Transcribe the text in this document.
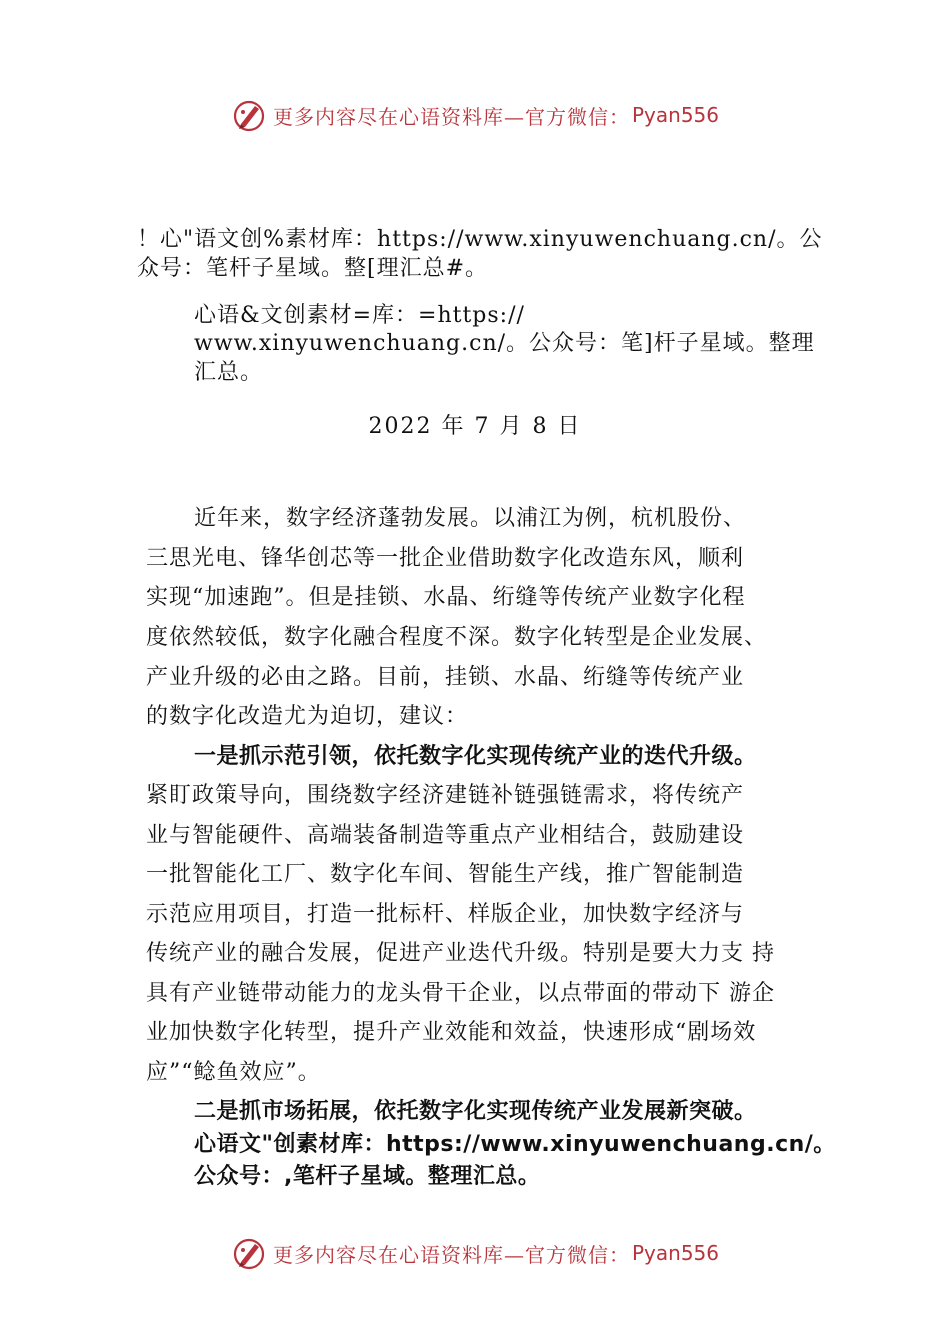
更多内容尽在心语资料库—官方微信： Pyan556
！心"语文创%素材库：https://www.xinyuwenchuang.cn/。公
众号：笔杆子星域。整[理汇总#。
心语&文创素材=库：=https://
www.xinyuwenchuang.cn/。公众号：笔]杆子星域。整理
汇总。
2022 年 7 月 8 日
近年来，数字经济蓬勃发展。以浦江为例，杭机股份、
三思光电、锋华创芯等一批企业借助数字化改造东风，顺利
实现“加速跑”。但是挂锁、水晶、绗缝等传统产业数字化程
度依然较低，数字化融合程度不深。数字化转型是企业发展、
产业升级的必由之路。目前，挂锁、水晶、绗缝等传统产业
的数字化改造尤为迫切，建议：
一是抓示范引领，依托数字化实现传统产业的迭代升级。
紧盯政策导向，围绕数字经济建链补链强链需求，将传统产
业与智能硬件、高端装备制造等重点产业相结合，鼓励建设
一批智能化工厂、数字化车间、智能生产线，推广智能制造
示范应用项目，打造一批标杆、样版企业，加快数字经济与
传统产业的融合发展，促进产业迭代升级。特别是要大力支 持
具有产业链带动能力的龙头骨干企业，以点带面的带动下 游企
业加快数字化转型，提升产业效能和效益，快速形成“剧场效
应”“鲶鱼效应”。
二是抓市场拓展，依托数字化实现传统产业发展新突破。
心语文"创素材库：https://www.xinyuwenchuang.cn/。
公众号：,笔杆子星域。整理汇总。
更多内容尽在心语资料库—官方微信： Pyan556
